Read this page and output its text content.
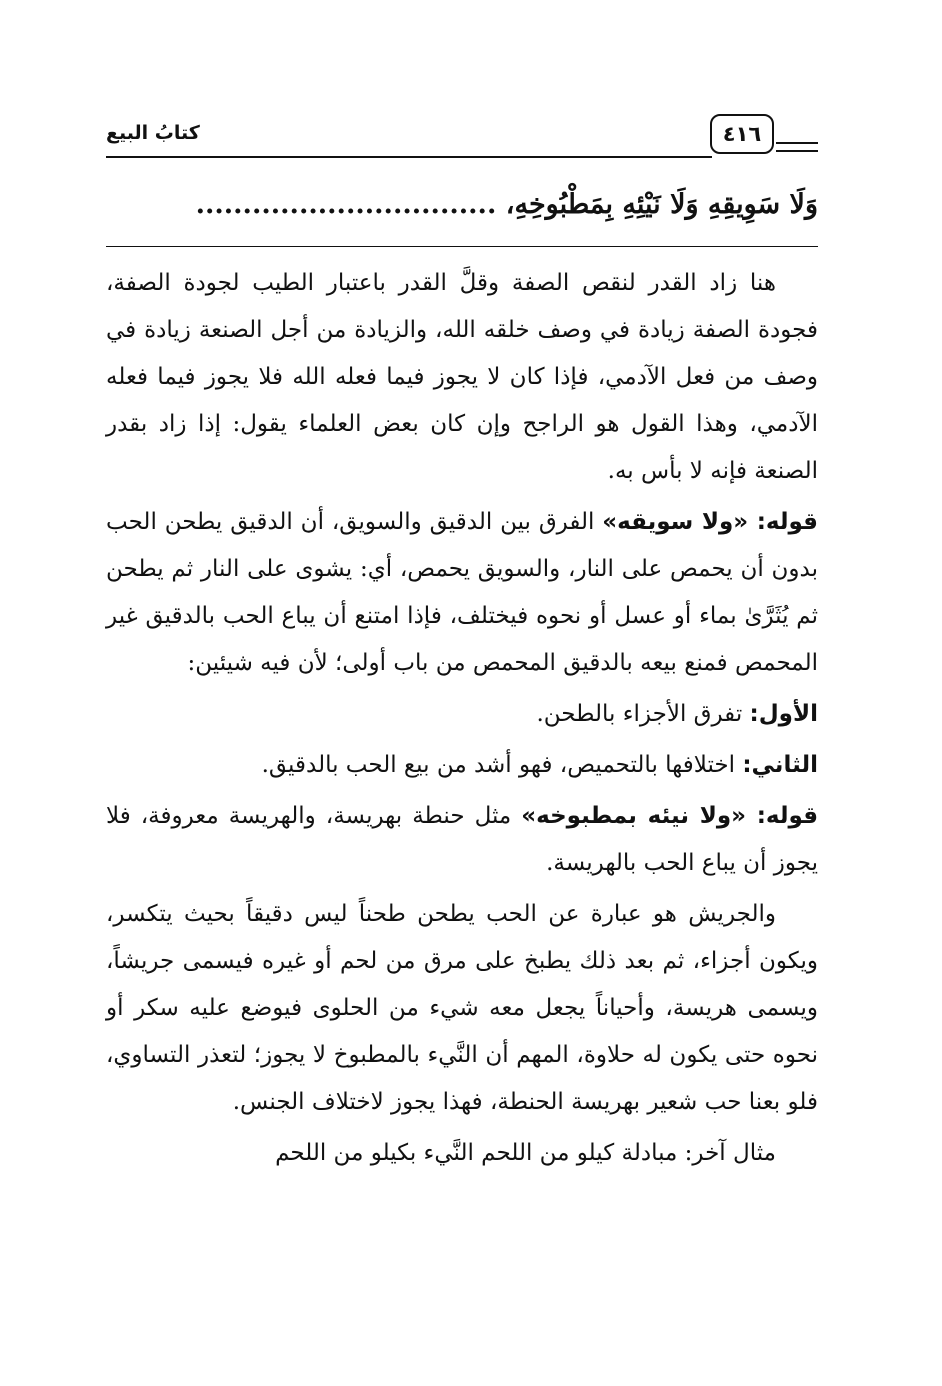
كتابُ البيع	٤١٦
وَلَا سَوِيقِهِ وَلَا نَيْئِهِ بِمَطْبُوخِهِ، ................................

هنا زاد القدر لنقص الصفة وقلَّ القدر باعتبار الطيب لجودة الصفة، فجودة الصفة زيادة في وصف خلقه الله، والزيادة من أجل الصنعة زيادة في وصف من فعل الآدمي، فإذا كان لا يجوز فيما فعله الله فلا يجوز فيما فعله الآدمي، وهذا القول هو الراجح وإن كان بعض العلماء يقول: إذا زاد بقدر الصنعة فإنه لا بأس به.

قوله: «ولا سويقه» الفرق بين الدقيق والسويق، أن الدقيق يطحن الحب بدون أن يحمص على النار، والسويق يحمص، أي: يشوى على النار ثم يطحن ثم يُثَرَّىٰ بماء أو عسل أو نحوه فيختلف، فإذا امتنع أن يباع الحب بالدقيق غير المحمص فمنع بيعه بالدقيق المحمص من باب أولى؛ لأن فيه شيئين:

الأول: تفرق الأجزاء بالطحن.

الثاني: اختلافها بالتحميص، فهو أشد من بيع الحب بالدقيق.

قوله: «ولا نيئه بمطبوخه» مثل حنطة بهريسة، والهريسة معروفة، فلا يجوز أن يباع الحب بالهريسة.

والجريش هو عبارة عن الحب يطحن طحناً ليس دقيقاً بحيث يتكسر، ويكون أجزاء، ثم بعد ذلك يطبخ على مرق من لحم أو غيره فيسمى جريشاً، ويسمى هريسة، وأحياناً يجعل معه شيء من الحلوى فيوضع عليه سكر أو نحوه حتى يكون له حلاوة، المهم أن النَّيء بالمطبوخ لا يجوز؛ لتعذر التساوي، فلو بعنا حب شعير بهريسة الحنطة، فهذا يجوز لاختلاف الجنس.

مثال آخر: مبادلة كيلو من اللحم النَّيء بكيلو من اللحم
